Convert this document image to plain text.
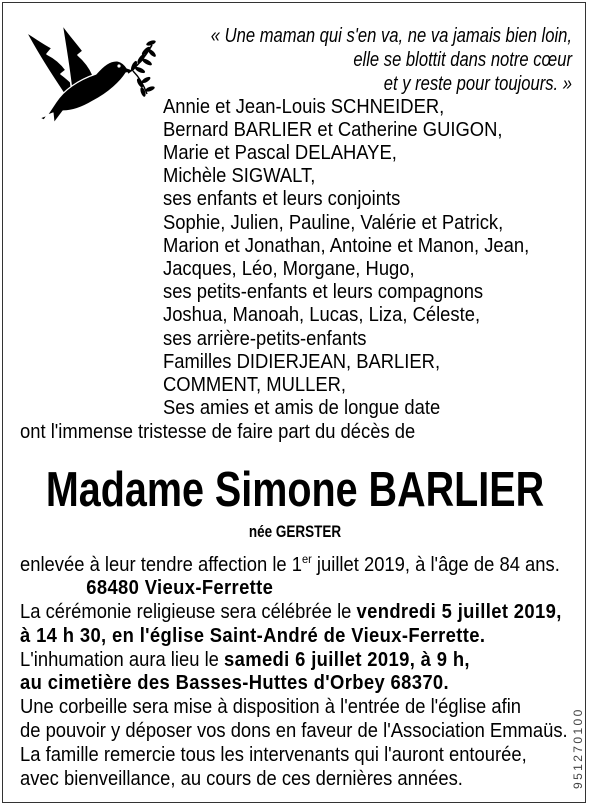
« Une maman qui s'en va, ne va jamais bien loin,
elle se blottit dans notre cœur
et y reste pour toujours. »
Annie et Jean-Louis SCHNEIDER,
Bernard BARLIER et Catherine GUIGON,
Marie et Pascal DELAHAYE,
Michèle SIGWALT,
ses enfants et leurs conjoints
Sophie, Julien, Pauline, Valérie et Patrick,
Marion et Jonathan, Antoine et Manon, Jean,
Jacques, Léo, Morgane, Hugo,
ses petits-enfants et leurs compagnons
Joshua, Manoah, Lucas, Liza, Céleste,
ses arrière-petits-enfants
Familles DIDIERJEAN, BARLIER,
COMMENT, MULLER,
Ses amies et amis de longue date
ont l'immense tristesse de faire part du décès de
Madame Simone BARLIER
née GERSTER
enlevée à leur tendre affection le 1er juillet 2019, à l'âge de 84 ans.
68480 Vieux-Ferrette
La cérémonie religieuse sera célébrée le vendredi 5 juillet 2019,
à 14 h 30, en l'église Saint-André de Vieux-Ferrette.
L'inhumation aura lieu le samedi 6 juillet 2019, à 9 h,
au cimetière des Basses-Huttes d'Orbey 68370.
Une corbeille sera mise à disposition à l'entrée de l'église afin
de pouvoir y déposer vos dons en faveur de l'Association Emmaüs.
La famille remercie tous les intervenants qui l'auront entourée,
avec bienveillance, au cours de ces dernières années.	951270100
